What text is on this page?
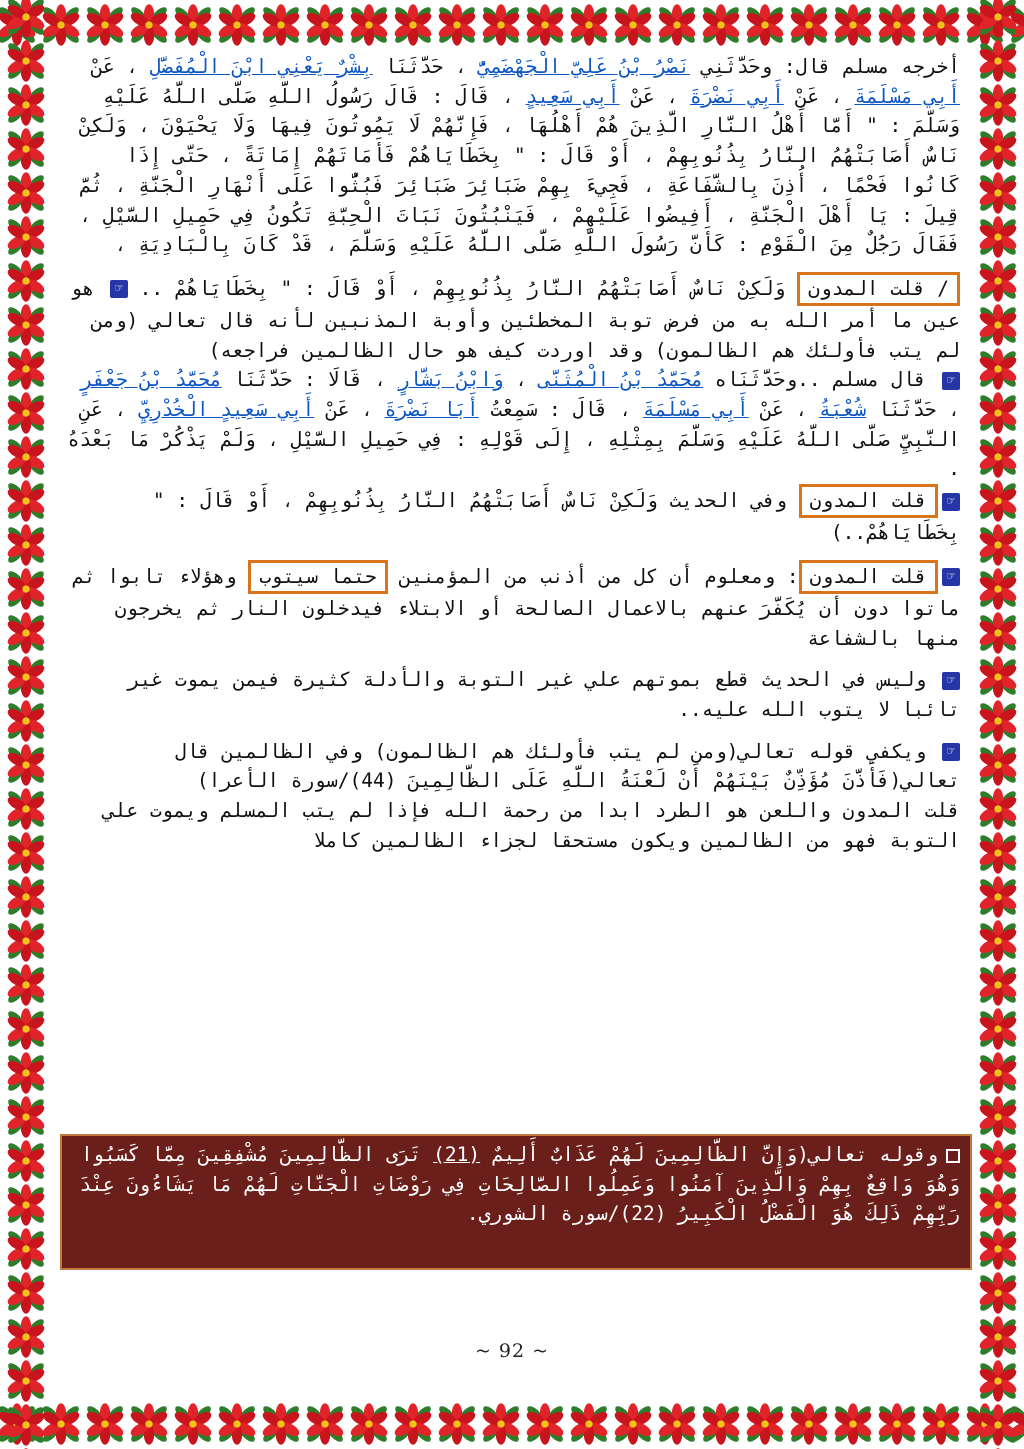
أخرجه مسلم قال: وحَدَّثَنِي نَصْرُ بْنُ عَلِيّ الْجَهْضَمِيُّ ، حَدَّثَنَا بِشْرٌ يَعْنِي ابْنَ الْمُفَضَّلِ ، عَنْ أَبِي مَسْلَمَةَ ، عَنْ أَبِي نَضْرَةَ ، عَنْ أَبِي سَعِيدٍ ، قَالَ : قَالَ رَسُولُ اللَّهِ صَلَّى اللَّهُ عَلَيْهِ وَسَلَّمَ : " أَمَّا أَهْلُ النَّارِ الَّذِينَ هُمْ أَهْلُهَا ، فَإِنَّهُمْ لَا يَمُوتُونَ فِيهَا وَلَا يَحْيَوْنَ ، وَلَكِنْ نَاسٌ أَصَابَتْهُمُ النَّارُ بِذُنُوبِهِمْ ، أَوْ قَالَ : " بِخَطَايَاهُمْ فَأَمَاتَهُمْ إِمَاتَةً ، حَتَّى إِذَا كَانُوا فَحْمًا ، أُذِنَ بِالشَّفَاعَةِ ، فَجِيءَ بِهِمْ ضَبَائِرَ ضَبَائِرَ فَبُثُّوا عَلَى أَنْهَارِ الْجَنَّةِ ، ثُمَّ قِيلَ : يَا أَهْلَ الْجَنَّةِ ، أَفِيضُوا عَلَيْهِمْ ، فَيَنْبُتُونَ نَبَاتَ الْحِبَّةِ تَكُونُ فِي حَمِيلِ السَّيْلِ ، فَقَالَ رَجُلٌ مِنَ الْقَوْمِ : كَأَنَّ رَسُولَ اللَّهِ صَلَّى اللَّهُ عَلَيْهِ وَسَلَّمَ ، قَدْ كَانَ بِالْبَادِيَةِ ،

/ قلت المدون وَلَكِنْ نَاسٌ أَصَابَتْهُمُ النَّارُ بِذُنُوبِهِمْ ، أَوْ قَالَ : " بِخَطَايَاهُمْ .. ☞ هو عين ما أمر الله به من فرض توبة المخطئين وأوبة المذنبين لأنه قال تعالي (ومن لم يتب فأولئك هم الظالمون) وقد اوردت كيف هو حال الظالمين فراجعه)

☞ قال مسلم ..وحَدَّثَنَاه مُحَمَّدُ بْنُ الْمُثَنَّى ، وَابْنُ بَشَّارٍ ، قَالَا : حَدَّثَنَا مُحَمَّدُ بْنُ جَعْفَرٍ ، حَدَّثَنَا شُعْبَةُ ، عَنْ أَبِي مَسْلَمَةَ ، قَالَ : سَمِعْتُ أَبَا نَضْرَةَ ، عَنْ أَبِي سَعِيدٍ الْخُدْرِيِّ ، عَنِ النَّبِيِّ صَلَّى اللَّهُ عَلَيْهِ وَسَلَّمَ بِمِثْلِهِ ، إِلَى قَوْلِهِ : فِي حَمِيلِ السَّيْلِ ، وَلَمْ يَذْكُرْ مَا بَعْدَهُ .

☞قلت المدون وفي الحديث وَلَكِنْ نَاسٌ أَصَابَتْهُمُ النَّارُ بِذُنُوبِهِمْ ، أَوْ قَالَ : " بِخَطَايَاهُمْ..)

☞قلت المدون: ومعلوم أن كل من أذنب من المؤمنين حتما سيتوب وهؤلاء تابوا ثم ماتوا دون أن يُكَفَّرَ عنهم بالاعمال الصالحة أو الابتلاء فيدخلون النار ثم يخرجون منها بالشفاعة

☞ وليس في الحديث قطع بموتهم علي غير التوبة والأدلة كثيرة فيمن يموت غير تائبا لا يتوب الله عليه..

☞ ويكفي قوله تعالي(ومن لم يتب فأولئك هم الظالمون) وفي الظالمين قال تعالي(فَأَذَّنَ مُؤَذِّنٌ بَيْنَهُمْ أَنْ لَعْنَةُ اللَّهِ عَلَى الظَّالِمِينَ (44)/سورة الأعرا)

قلت المدون واللعن هو الطرد ابدا من رحمة الله فإذا لم يتب المسلم ويموت علي التوبة فهو من الظالمين ويكون مستحقا لجزاء الظالمين كاملا

وقوله تعالي(وَإِنَّ الظَّالِمِينَ لَهُمْ عَذَابٌ أَلِيمٌ (21) تَرَى الظَّالِمِينَ مُشْفِقِينَ مِمَّا كَسَبُوا وَهُوَ وَاقِعٌ بِهِمْ وَالَّذِينَ آمَنُوا وَعَمِلُوا الصَّالِحَاتِ فِي رَوْضَاتِ الْجَنَّاتِ لَهُمْ مَا يَشَاءُونَ عِنْدَ رَبِّهِمْ ذَلِكَ هُوَ الْفَضْلُ الْكَبِيرُ (22)/سورة الشوري.
~ 92 ~
